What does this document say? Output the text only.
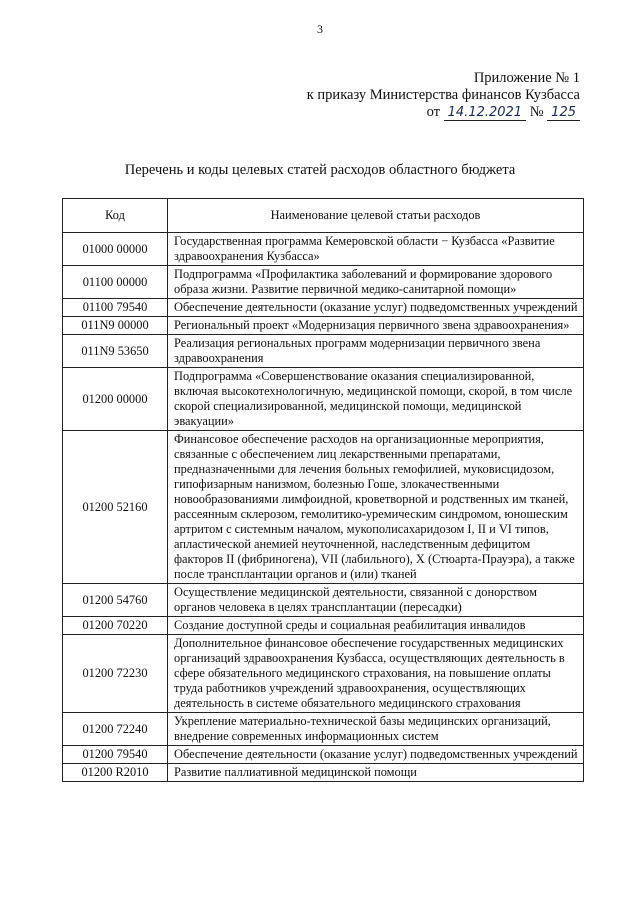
3
Приложение № 1
к приказу Министерства финансов Кузбасса
от 14.12.2021 № 125
Перечень и коды целевых статей расходов областного бюджета
Код	Наименование целевой статьи расходов
01000 00000	Государственная программа Кемеровской области − Кузбасса «Развитие здравоохранения Кузбасса»
01100 00000	Подпрограмма «Профилактика заболеваний и формирование здорового образа жизни. Развитие первичной медико-санитарной помощи»
01100 79540	Обеспечение деятельности (оказание услуг) подведомственных учреждений
011N9 00000	Региональный проект «Модернизация первичного звена здравоохранения»
011N9 53650	Реализация региональных программ модернизации первичного звена здравоохранения
01200 00000	Подпрограмма «Совершенствование оказания специализированной, включая высокотехнологичную, медицинской помощи, скорой, в том числе скорой специализированной, медицинской помощи, медицинской эвакуации»
01200 52160	Финансовое обеспечение расходов на организационные мероприятия, связанные с обеспечением лиц лекарственными препаратами, предназначенными для лечения больных гемофилией, муковисцидозом, гипофизарным нанизмом, болезнью Гоше, злокачественными новообразованиями лимфоидной, кроветворной и родственных им тканей, рассеянным склерозом, гемолитико-уремическим синдромом, юношеским артритом с системным началом, мукополисахаридозом I, II и VI типов, апластической анемией неуточненной, наследственным дефицитом факторов II (фибриногена), VII (лабильного), X (Стюарта-Прауэра), а также после трансплантации органов и (или) тканей
01200 54760	Осуществление медицинской деятельности, связанной с донорством органов человека в целях трансплантации (пересадки)
01200 70220	Создание доступной среды и социальная реабилитация инвалидов
01200 72230	Дополнительное финансовое обеспечение государственных медицинских организаций здравоохранения Кузбасса, осуществляющих деятельность в сфере обязательного медицинского страхования, на повышение оплаты труда работников учреждений здравоохранения, осуществляющих деятельность в системе обязательного медицинского страхования
01200 72240	Укрепление материально-технической базы медицинских организаций, внедрение современных информационных систем
01200 79540	Обеспечение деятельности (оказание услуг) подведомственных учреждений
01200 R2010	Развитие паллиативной медицинской помощи
